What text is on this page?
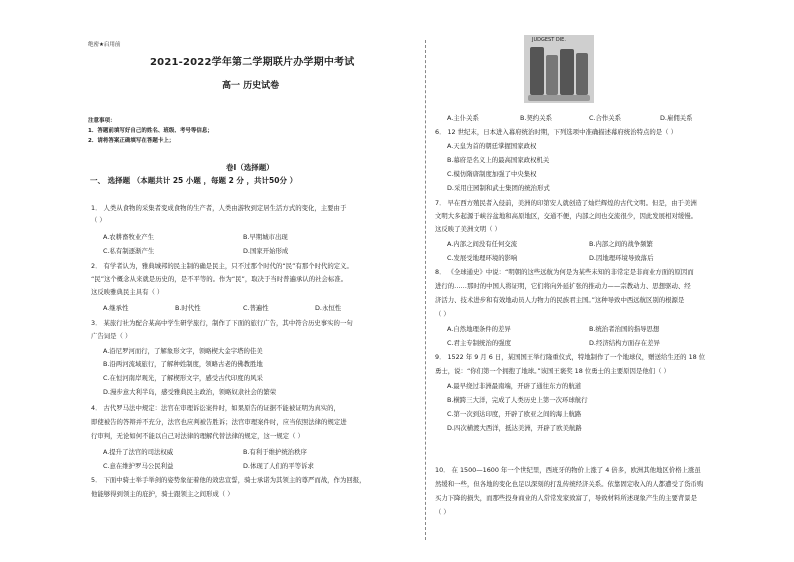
绝密★启用前
2021-2022学年第二学期联片办学期中考试
高一 历史试卷
注意事项：
1．答题前填写好自己的姓名、班级、考号等信息；
2．请将答案正确填写在答题卡上；
卷I（选择题）
一、 选择题 （本题共计 25 小题 ，每题 2 分 ，共计50分 ）
1． 人类从食物的采集者变成食物的生产者，人类由游牧到定居生活方式的变化，主要由于
（ ）
A.农耕畜牧业产生	B.早期城市出现
C.私有制逐渐产生	D.国家开始形成
2． 有学者认为，雅典城邦的民主制的确是民主，只不过那个时代的“民”有那个时代的定义。
“民”这个概念从来就是历史的，是不平等的。作为“民”，取决于当时普遍承认的社会标准。
这反映雅典民主具有（ ）
A.继承性	B.时代性	C.普遍性	D.永恒性
3． 某旅行社为配合某高中学生研学旅行，制作了下面的旅行广告，其中符合历史事实的一句
广告词是（ ）
A.沿尼罗河而行，了解象形文字，领略楔大金字塔的佳美
B.沿两河流域旅行，了解种姓制度，领略古老的佛教胜地
C.在恒河南岸观光，了解楔形文字，感受古代印度的风采
D.漫步意大利半岛，感受雅典民主政治，领略奴隶社会的繁荣
4． 古代罗马法中规定：法官在审理诉讼案件时，如果原告的证据不能被证明为真实的，
即使被告的答辩并不充分，法官也应判被告胜诉；法官审理案件时，应当依照法律的规定进
行审判，无论如何不能以自己对法律的理解代替法律的规定，这一规定（ ）
A.提升了法官的司法权威	B.有利于维护统治秩序
C.意在维护罗马公民利益	D.体现了人们的平等诉求
5． 下面中骑士举手举剑的姿势象征着他的效忠宣誓，骑士承诺为其领主的尊严而战，作为回报，
他能够得到领主的庇护，骑士跟领主之间形成（ ）
JUDGEST DIE.
A.主仆关系	B.契约关系	C.合作关系	D.雇佣关系
6． 12 世纪末，日本进入幕府统治时期，下列选项中准确描述幕府统治特点的是（ ）
A.天皇为首的朝廷掌握国家政权
B.幕府是名义上的最高国家政权机关
C.模仿隋唐制度加强了中央集权
D.采用庄园制和武士集团的统治形式
7． 早在西方殖民者入侵前，美洲的印第安人就创造了灿烂辉煌的古代文明。但是，由于美洲
文明大多起源于峡谷盆地和高原地区，交通不便，内部之间也交流很少，因此发展相对缓慢。
这反映了美洲文明（ ）
A.内部之间没有任何交流	B.内部之间的战争频繁
C.发展受地理环境的影响	D.因地理环境导致落后
8． 《全球通史》中说：“明朝的这些远航为何是为某些未知的非常定是非商业方面的原因而
进行的……那时的中国人将证明，它们将向外延扩张的推动力——宗教动力、思想驱动、经
济活力、技术进步和有效地动员人力物力的民族君主国。”这种导致中西远航区别的根源是
（ ）
A.自然地理条件的差异	B.统治者治国的指导思想
C.君主专制统治的强度	D.经济结构方面存在差异
9． 1522 年 9 月 6 日，某国国王举行隆重仪式，特地制作了一个地球仪，赠送给生还的 18 位
勇士，说：“你们第一个拥抱了地球。”该国王褒奖 18 位勇士的主要原因是他们（ ）
A.最早绕过非洲最南端，开辟了通往东方的航道
B.横跨三大洋，完成了人类历史上第一次环球航行
C.第一次到达印度，开辟了欧亚之间的海上航路
D.四次横渡大西洋，抵达美洲，开辟了欧美航路
10． 在 1500—1600 年一个世纪里，西班牙的物价上涨了 4 倍多，欧洲其他地区价格上涨虽
然缓和一些，但各地的变化也足以深刻的打乱传统经济关系。依靠固定收入的人都遭受了货币购
买力下降的损失，而那些投身商业的人常常发家致富了，导致材料所述现象产生的主要背景是
（ ）
